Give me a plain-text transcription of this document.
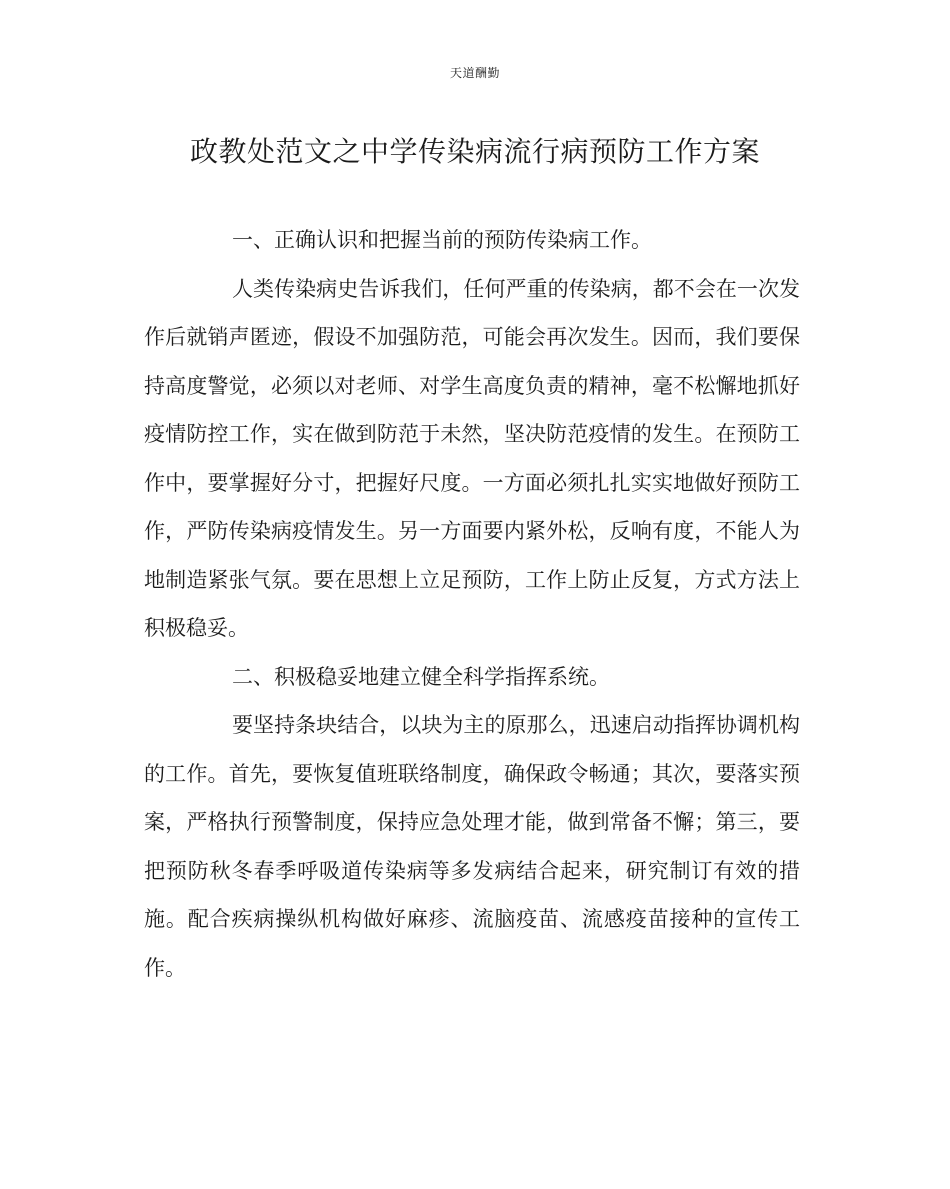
天道酬勤
政教处范文之中学传染病流行病预防工作方案

一、正确认识和把握当前的预防传染病工作。

人类传染病史告诉我们，任何严重的传染病，都不会在一次发作后就销声匿迹，假设不加强防范，可能会再次发生。因而，我们要保持高度警觉，必须以对老师、对学生高度负责的精神，毫不松懈地抓好疫情防控工作，实在做到防范于未然，坚决防范疫情的发生。在预防工作中，要掌握好分寸，把握好尺度。一方面必须扎扎实实地做好预防工作，严防传染病疫情发生。另一方面要内紧外松，反响有度，不能人为地制造紧张气氛。要在思想上立足预防，工作上防止反复，方式方法上积极稳妥。

二、积极稳妥地建立健全科学指挥系统。

要坚持条块结合，以块为主的原那么，迅速启动指挥协调机构的工作。首先，要恢复值班联络制度，确保政令畅通；其次，要落实预案，严格执行预警制度，保持应急处理才能，做到常备不懈；第三，要把预防秋冬春季呼吸道传染病等多发病结合起来，研究制订有效的措施。配合疾病操纵机构做好麻疹、流脑疫苗、流感疫苗接种的宣传工作。
